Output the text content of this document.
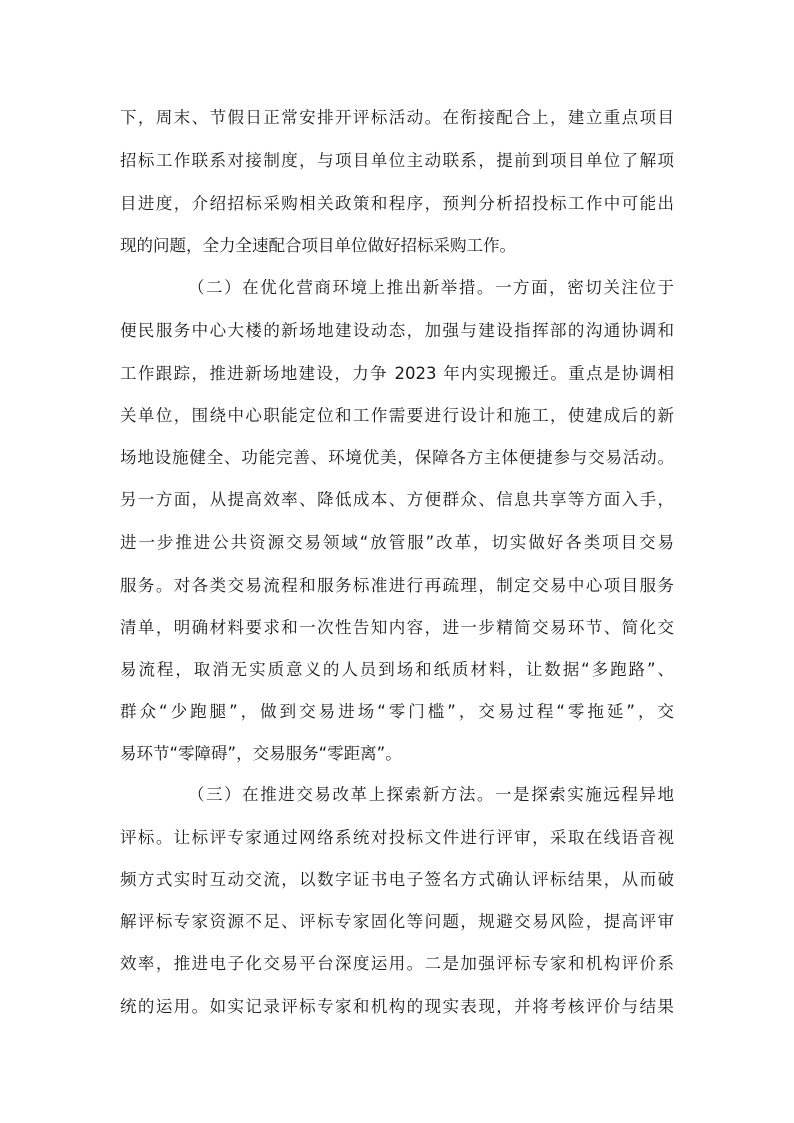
下，周末、节假日正常安排开评标活动。在衔接配合上，建立重点项目
招标工作联系对接制度，与项目单位主动联系，提前到项目单位了解项
目进度，介绍招标采购相关政策和程序，预判分析招投标工作中可能出
现的问题，全力全速配合项目单位做好招标采购工作。
（二）在优化营商环境上推出新举措。一方面，密切关注位于
便民服务中心大楼的新场地建设动态，加强与建设指挥部的沟通协调和
工作跟踪，推进新场地建设，力争 2023 年内实现搬迁。重点是协调相
关单位，围绕中心职能定位和工作需要进行设计和施工，使建成后的新
场地设施健全、功能完善、环境优美，保障各方主体便捷参与交易活动。
另一方面，从提高效率、降低成本、方便群众、信息共享等方面入手，
进一步推进公共资源交易领域“放管服”改革，切实做好各类项目交易
服务。对各类交易流程和服务标准进行再疏理，制定交易中心项目服务
清单，明确材料要求和一次性告知内容，进一步精简交易环节、简化交
易流程，取消无实质意义的人员到场和纸质材料，让数据“多跑路”、
群众“少跑腿”，做到交易进场“零门槛”，交易过程“零拖延”，交
易环节“零障碍”，交易服务“零距离”。
（三）在推进交易改革上探索新方法。一是探索实施远程异地
评标。让标评专家通过网络系统对投标文件进行评审，采取在线语音视
频方式实时互动交流，以数字证书电子签名方式确认评标结果，从而破
解评标专家资源不足、评标专家固化等问题，规避交易风险，提高评审
效率，推进电子化交易平台深度运用。二是加强评标专家和机构评价系
统的运用。如实记录评标专家和机构的现实表现，并将考核评价与结果
